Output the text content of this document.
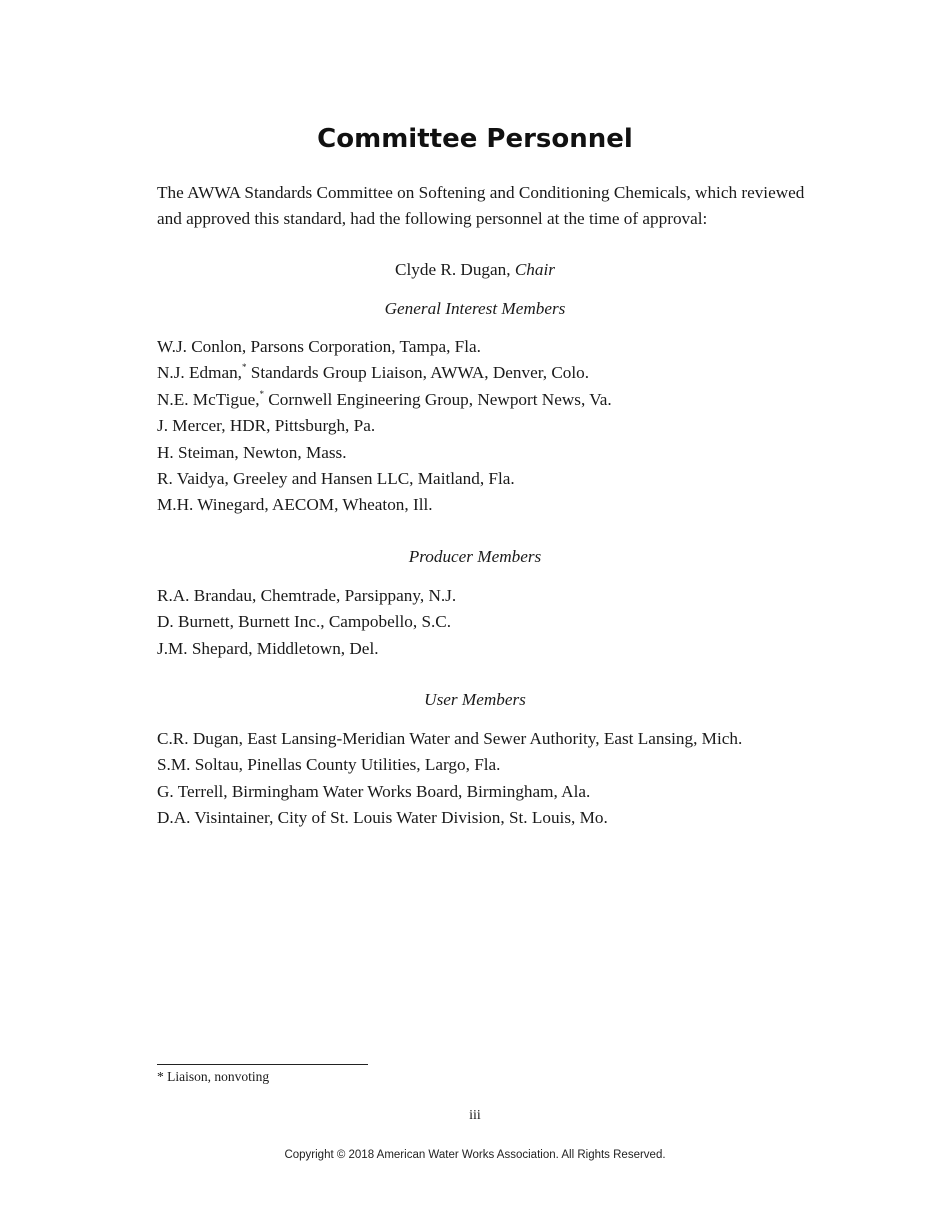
Committee Personnel
The AWWA Standards Committee on Softening and Conditioning Chemicals, which reviewed and approved this standard, had the following personnel at the time of approval:
Clyde R. Dugan, Chair
General Interest Members
W.J. Conlon, Parsons Corporation, Tampa, Fla.
N.J. Edman,* Standards Group Liaison, AWWA, Denver, Colo.
N.E. McTigue,* Cornwell Engineering Group, Newport News, Va.
J. Mercer, HDR, Pittsburgh, Pa.
H. Steiman, Newton, Mass.
R. Vaidya, Greeley and Hansen LLC, Maitland, Fla.
M.H. Winegard, AECOM, Wheaton, Ill.
Producer Members
R.A. Brandau, Chemtrade, Parsippany, N.J.
D. Burnett, Burnett Inc., Campobello, S.C.
J.M. Shepard, Middletown, Del.
User Members
C.R. Dugan, East Lansing-Meridian Water and Sewer Authority, East Lansing, Mich.
S.M. Soltau, Pinellas County Utilities, Largo, Fla.
G. Terrell, Birmingham Water Works Board, Birmingham, Ala.
D.A. Visintainer, City of St. Louis Water Division, St. Louis, Mo.
* Liaison, nonvoting
iii
Copyright © 2018 American Water Works Association. All Rights Reserved.
